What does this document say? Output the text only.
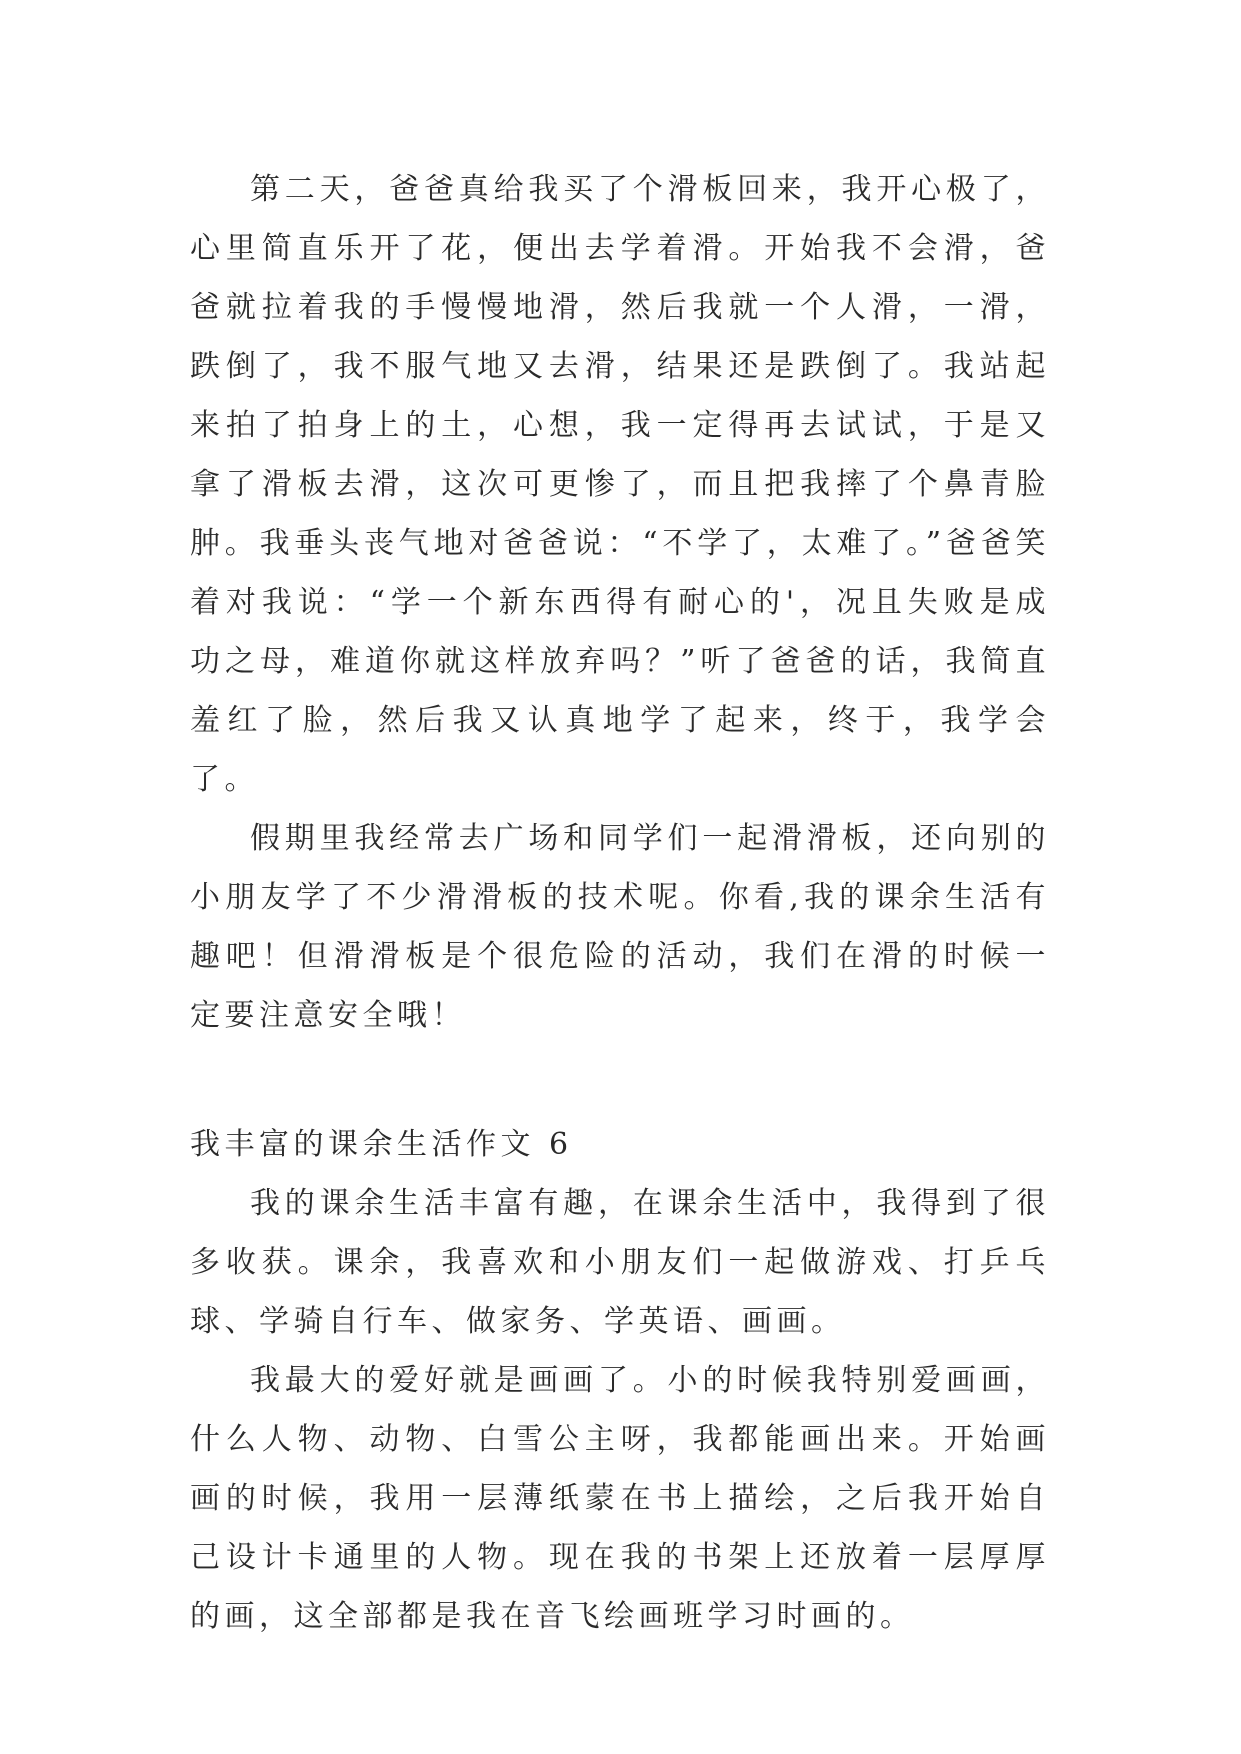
第二天，爸爸真给我买了个滑板回来，我开心极了，心里简直乐开了花，便出去学着滑。开始我不会滑，爸爸就拉着我的手慢慢地滑，然后我就一个人滑，一滑，跌倒了，我不服气地又去滑，结果还是跌倒了。我站起来拍了拍身上的土，心想，我一定得再去试试，于是又拿了滑板去滑，这次可更惨了，而且把我摔了个鼻青脸肿。我垂头丧气地对爸爸说：“不学了，太难了。”爸爸笑着对我说：“学一个新东西得有耐心的'，况且失败是成功之母，难道你就这样放弃吗？”听了爸爸的话，我简直羞红了脸，然后我又认真地学了起来，终于，我学会了。

假期里我经常去广场和同学们一起滑滑板，还向别的小朋友学了不少滑滑板的技术呢。你看,我的课余生活有趣吧！但滑滑板是个很危险的活动，我们在滑的时候一定要注意安全哦！

我丰富的课余生活作文 6

我的课余生活丰富有趣，在课余生活中，我得到了很多收获。课余，我喜欢和小朋友们一起做游戏、打乒乓球、学骑自行车、做家务、学英语、画画。

我最大的爱好就是画画了。小的时候我特别爱画画，什么人物、动物、白雪公主呀，我都能画出来。开始画画的时候，我用一层薄纸蒙在书上描绘，之后我开始自己设计卡通里的人物。现在我的书架上还放着一层厚厚的画，这全部都是我在音飞绘画班学习时画的。
